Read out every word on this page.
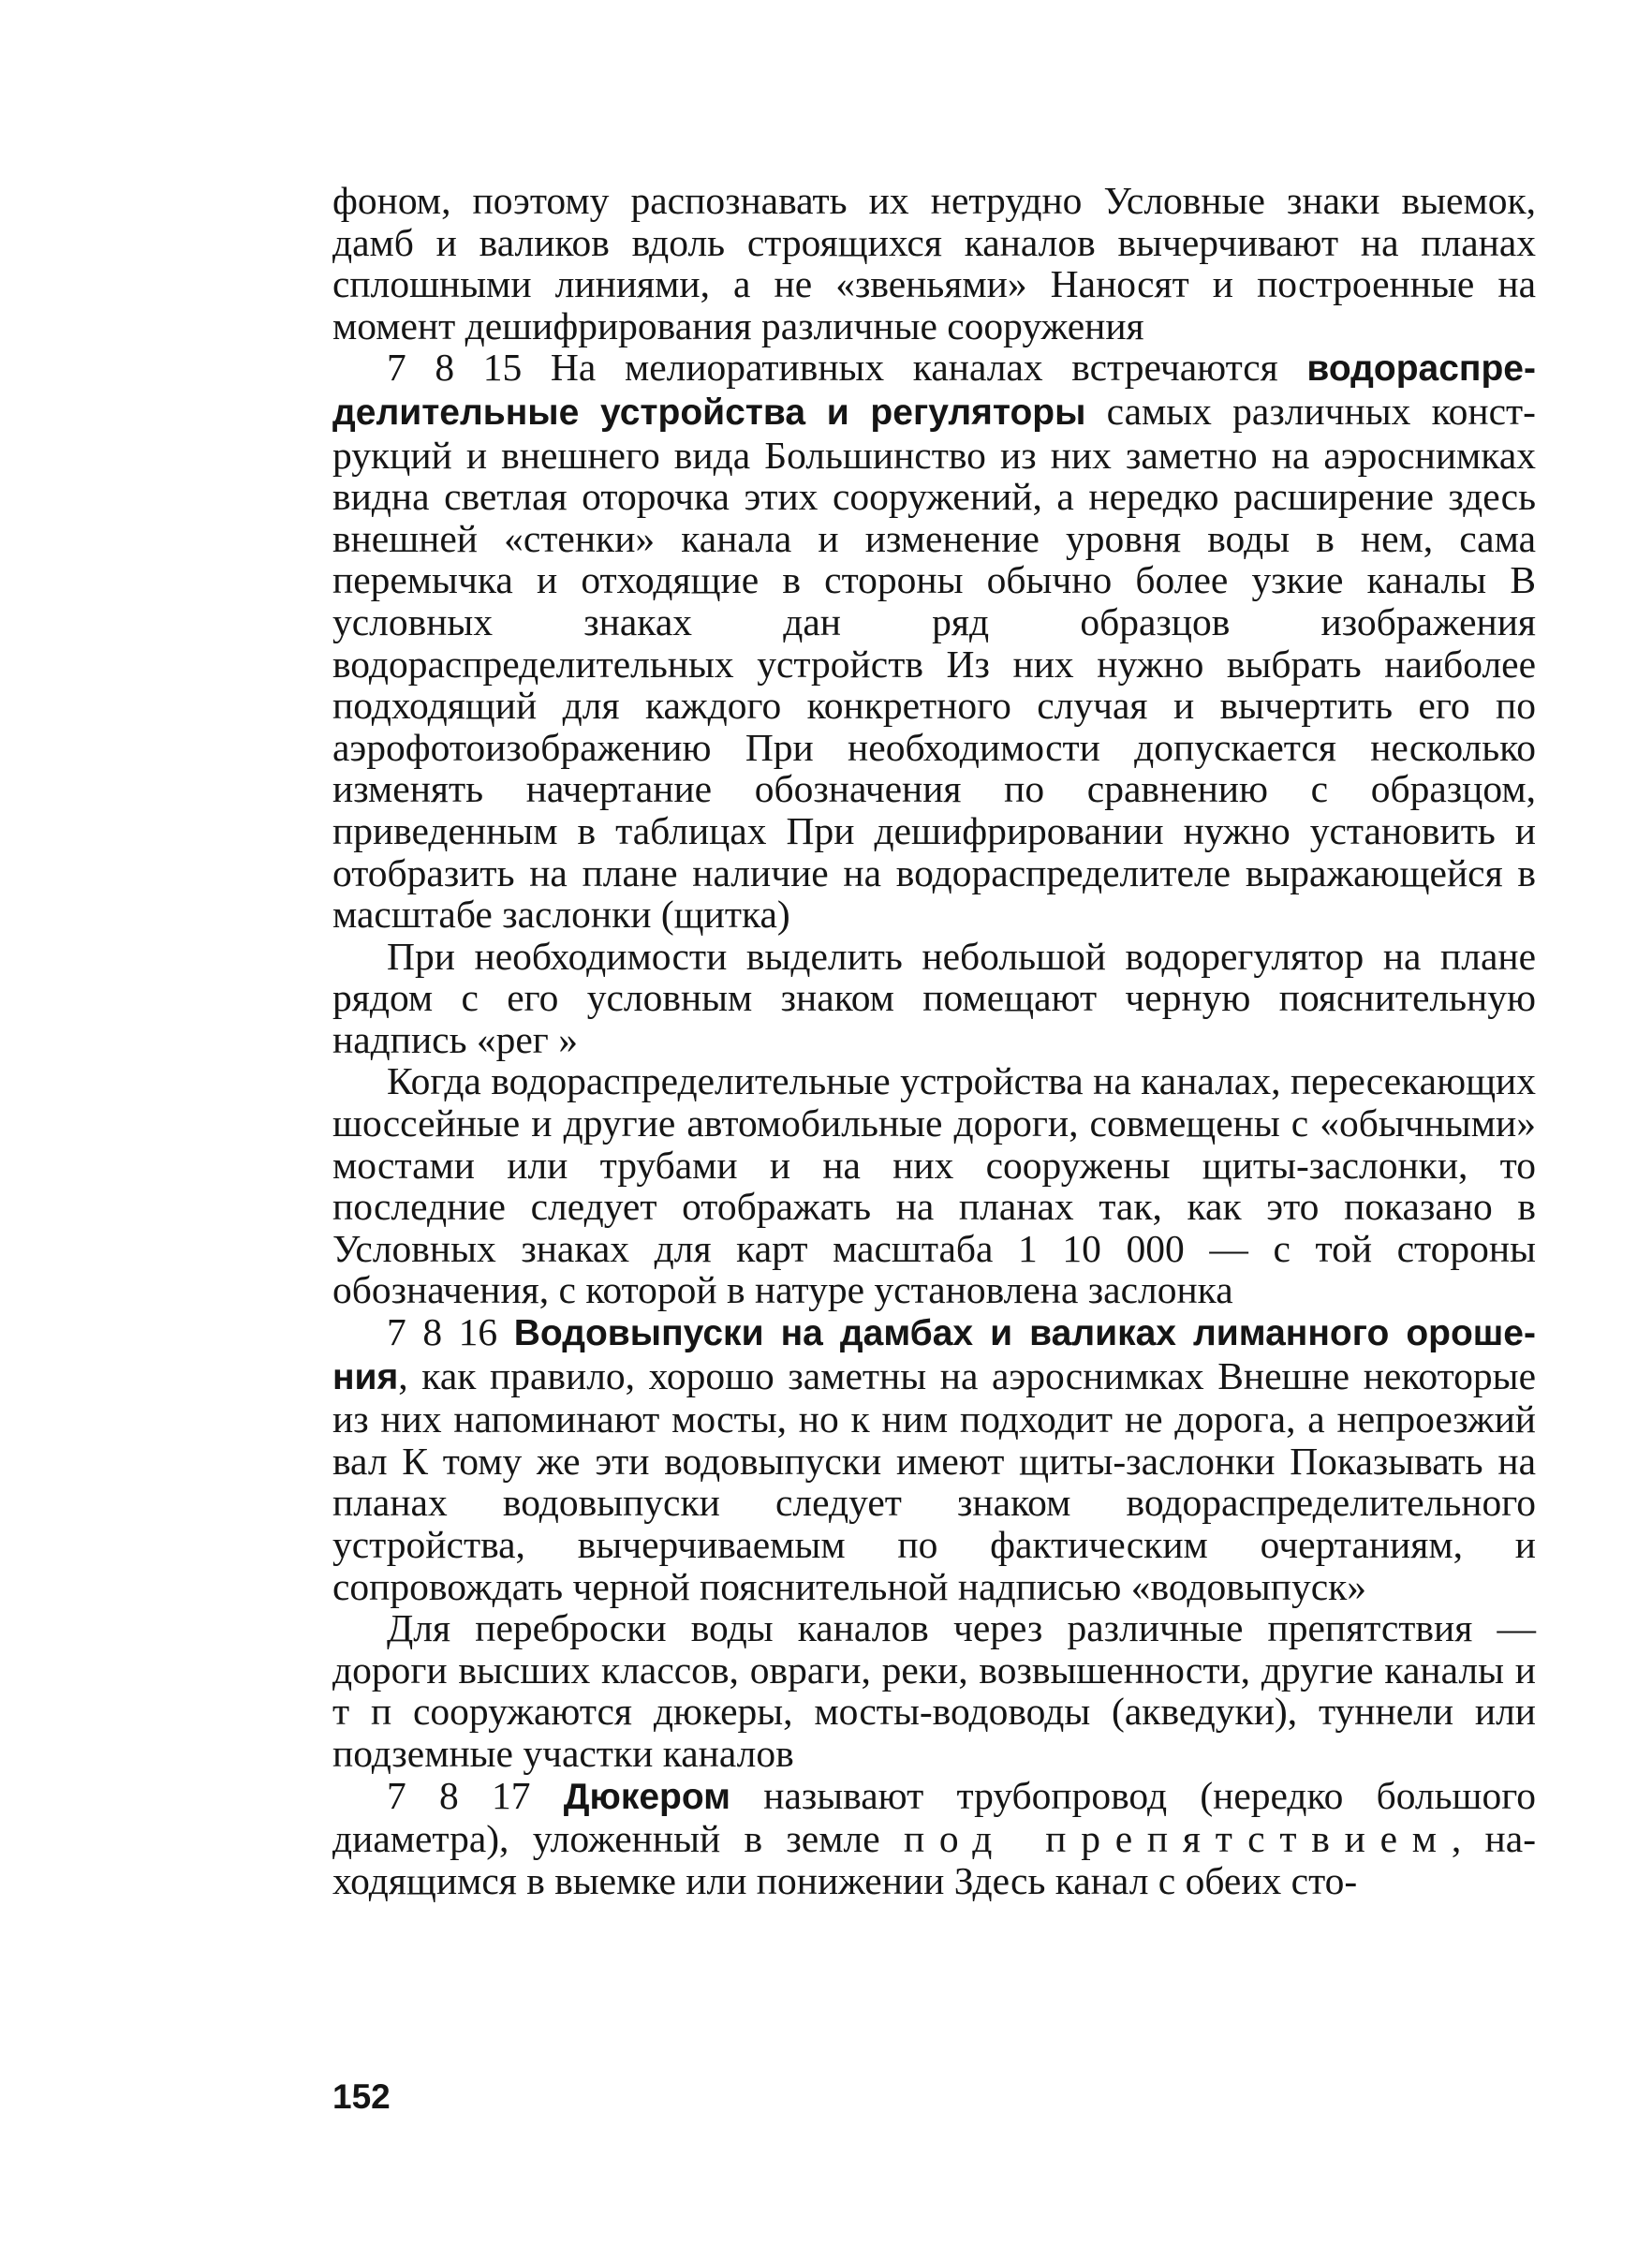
фоном, поэтому распознавать их нетрудно Условные знаки выемок, дамб и валиков вдоль строящихся каналов вычерчивают на планах сплошными линиями, а не «звеньями» Наносят и построенные на момент дешифрирования различные сооружения

7 8 15 На мелиоративных каналах встречаются водораспределительные устройства и регуляторы самых различных конструкций и внешнего вида Большинство из них заметно на аэроснимках видна светлая оторочка этих сооружений, а нередко расширение здесь внешней «стенки» канала и изменение уровня воды в нем, сама перемычка и отходящие в стороны обычно более узкие каналы В условных знаках дан ряд образцов изображения водораспределительных устройств Из них нужно выбрать наиболее подходящий для каждого конкретного случая и вычертить его по аэрофотоизображению При необходимости допускается несколько изменять начертание обозначения по сравнению с образцом, приведенным в таблицах При дешифрировании нужно установить и отобразить на плане наличие на водораспределителе выражающейся в масштабе заслонки (щитка)

При необходимости выделить небольшой водорегулятор на плане рядом с его условным знаком помещают черную пояснительную надпись «рег »

Когда водораспределительные устройства на каналах, пересекающих шоссейные и другие автомобильные дороги, совмещены с «обычными» мостами или трубами и на них сооружены щиты-заслонки, то последние следует отображать на планах так, как это показано в Условных знаках для карт масштаба 1 10 000 — с той стороны обозначения, с которой в натуре установлена заслонка

7 8 16 Водовыпуски на дамбах и валиках лиманного орошения, как правило, хорошо заметны на аэроснимках Внешне некоторые из них напоминают мосты, но к ним подходит не дорога, а непроезжий вал К тому же эти водовыпуски имеют щиты-заслонки Показывать на планах водовыпуски следует знаком водораспределительного устройства, вычерчиваемым по фактическим очертаниям, и сопровождать черной пояснительной надписью «водовыпуск»

Для переброски воды каналов через различные препятствия — дороги высших классов, овраги, реки, возвышенности, другие каналы и т п сооружаются дюкеры, мосты-водоводы (акведуки), туннели или подземные участки каналов

7 8 17 Дюкером называют трубопровод (нередко большого диаметра), уложенный в земле под препятствием, находящимся в выемке или понижении Здесь канал с обеих сто-

152
